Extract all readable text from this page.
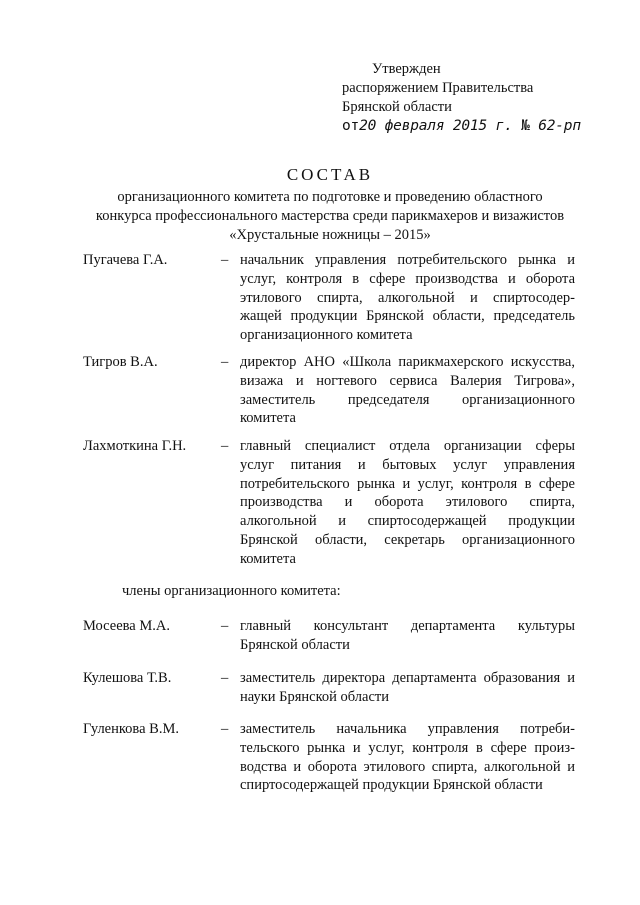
Утвержден
распоряжением Правительства
Брянской области
от20 февраля 2015 г. № 62-рп
СОСТАВ
организационного комитета по подготовке и проведению областного
конкурса профессионального мастерства среди парикмахеров и визажистов
«Хрустальные ножницы – 2015»
Пугачева Г.А.	– начальник управления потребительского рынка и
услуг, контроля в сфере производства и оборота
этилового спирта, алкогольной и спиртосодер-
жащей продукции Брянской области, председатель
организационного комитета
Тигров В.А.	– директор АНО «Школа парикмахерского искусства,
визажа и ногтевого сервиса Валерия Тигрова»,
заместитель председателя организационного
комитета
Лахмоткина Г.Н. – главный специалист отдела организации сферы
услуг питания и бытовых услуг управления
потребительского рынка и услуг, контроля в сфере
производства и оборота этилового спирта,
алкогольной и спиртосодержащей продукции
Брянской области, секретарь организационного
комитета
члены организационного комитета:
Мосеева М.А.	– главный консультант департамента культуры
Брянской области
Кулешова Т.В.	– заместитель директора департамента образования и
науки Брянской области
Гуленкова В.М.	– заместитель начальника управления потреби-
тельского рынка и услуг, контроля в сфере произ-
водства и оборота этилового спирта, алкогольной и
спиртосодержащей продукции Брянской области
